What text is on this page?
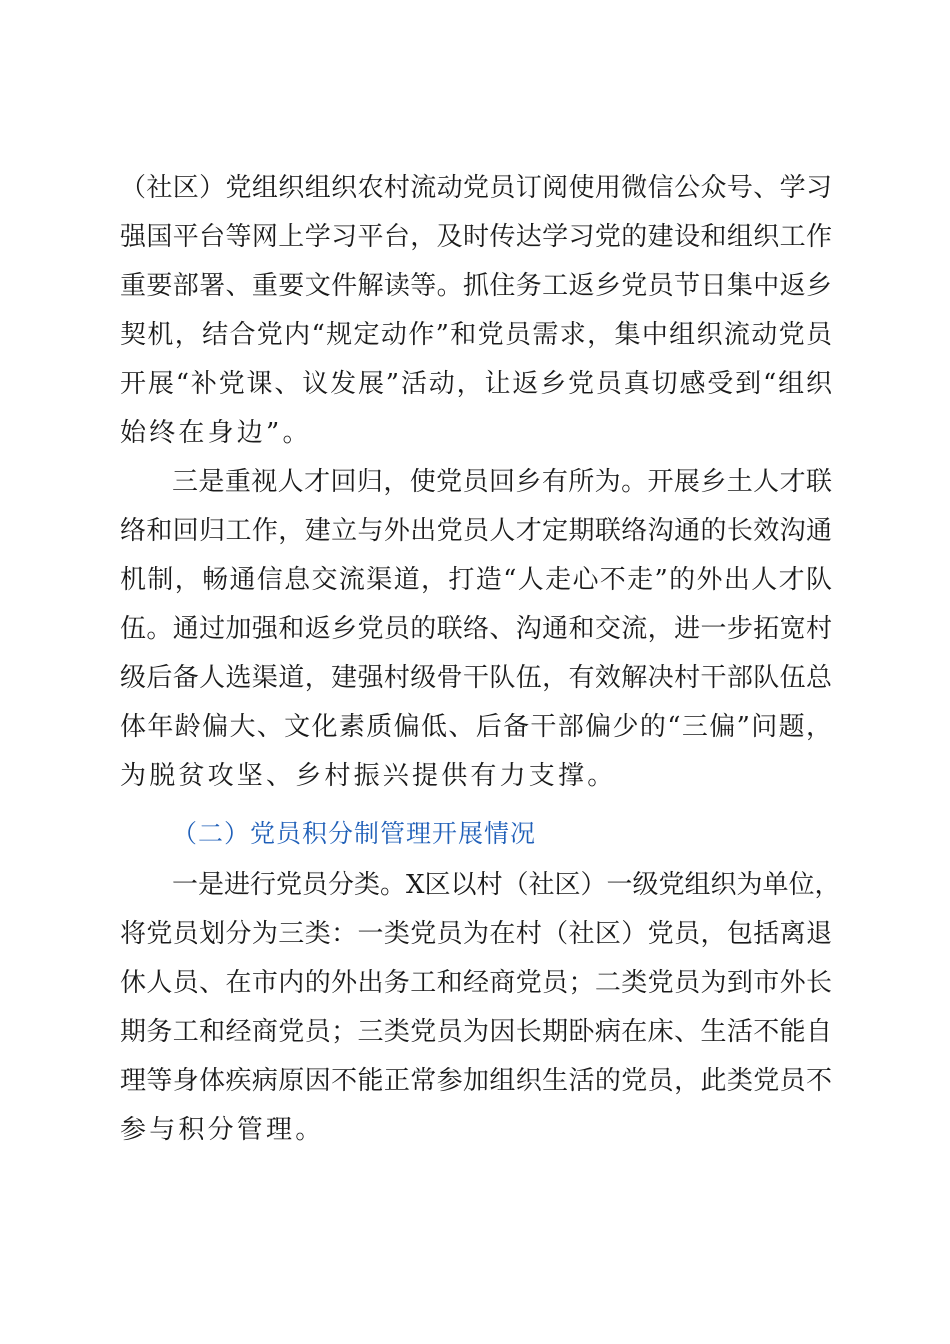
（社区）党组织组织农村流动党员订阅使用微信公众号、学习
强国平台等网上学习平台，及时传达学习党的建设和组织工作
重要部署、重要文件解读等。抓住务工返乡党员节日集中返乡
契机，结合党内“规定动作”和党员需求，集中组织流动党员
开展“补党课、议发展”活动，让返乡党员真切感受到“组织
始终在身边”。
三是重视人才回归，使党员回乡有所为。开展乡土人才联
络和回归工作，建立与外出党员人才定期联络沟通的长效沟通
机制，畅通信息交流渠道，打造“人走心不走”的外出人才队
伍。通过加强和返乡党员的联络、沟通和交流，进一步拓宽村
级后备人选渠道，建强村级骨干队伍，有效解决村干部队伍总
体年龄偏大、文化素质偏低、后备干部偏少的“三偏”问题，
为脱贫攻坚、乡村振兴提供有力支撑。
（二）党员积分制管理开展情况
一是进行党员分类。X区以村（社区）一级党组织为单位，
将党员划分为三类：一类党员为在村（社区）党员，包括离退
休人员、在市内的外出务工和经商党员；二类党员为到市外长
期务工和经商党员；三类党员为因长期卧病在床、生活不能自
理等身体疾病原因不能正常参加组织生活的党员，此类党员不
参与积分管理。
